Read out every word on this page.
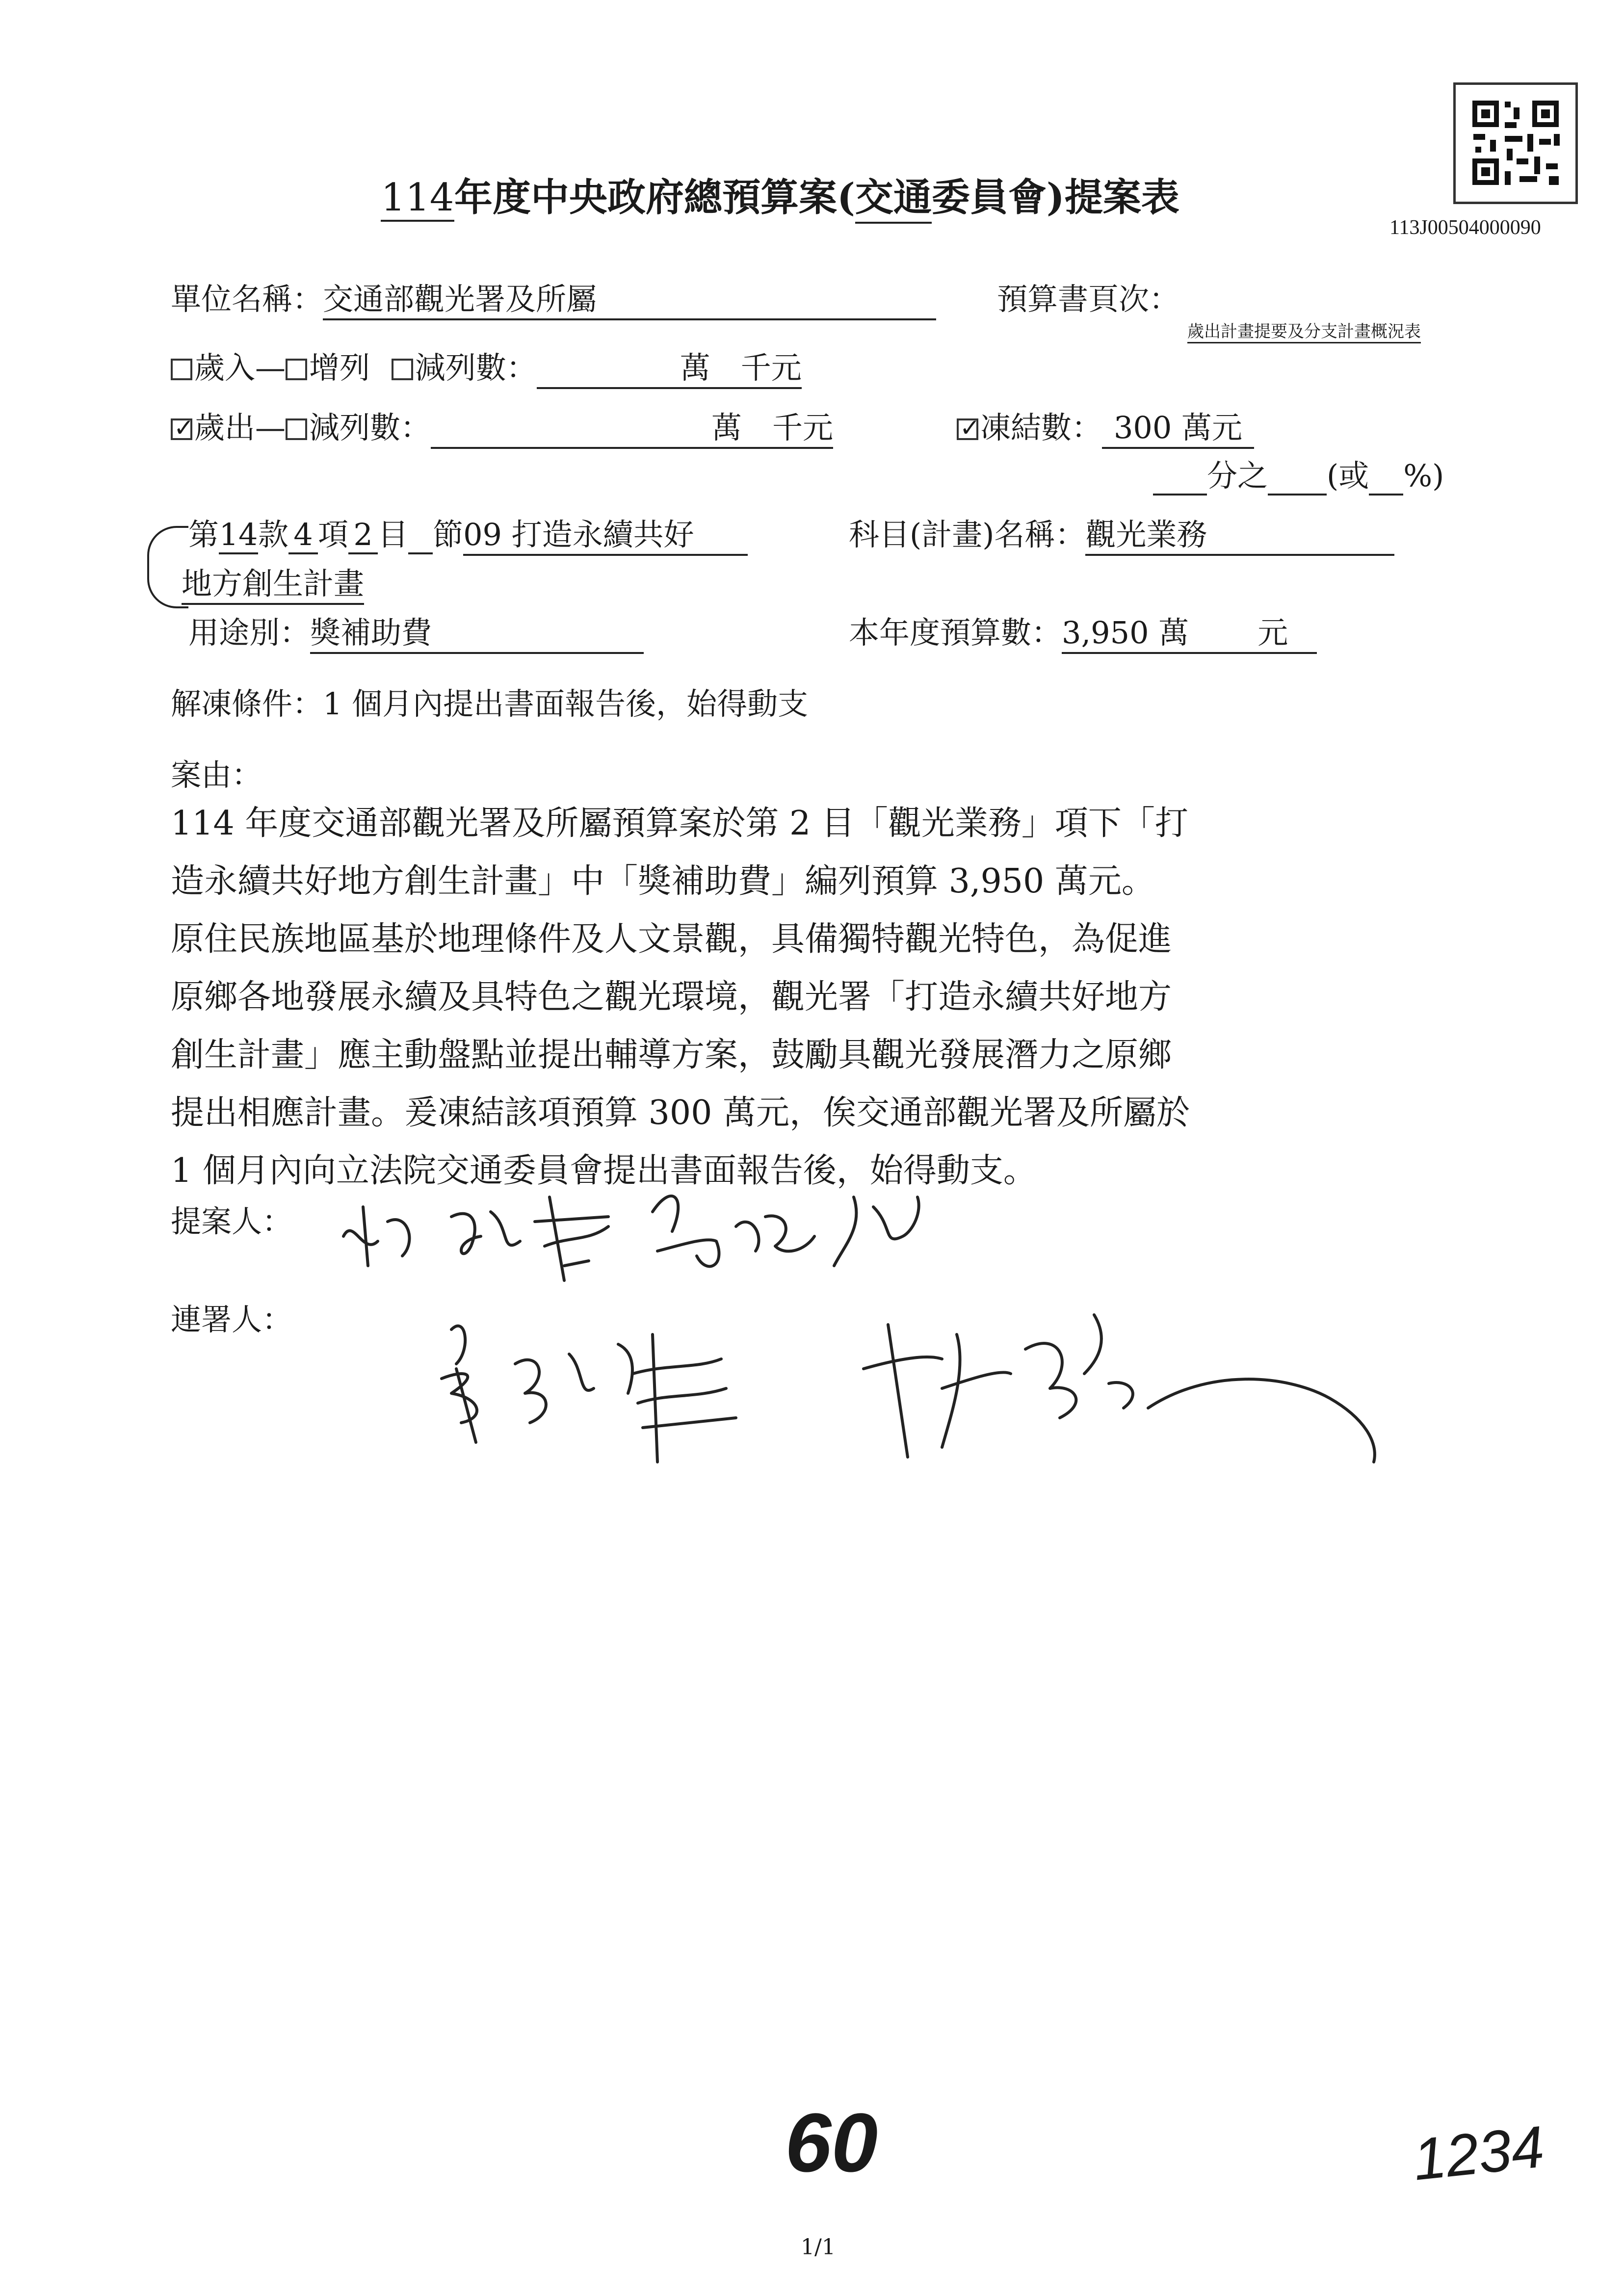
113J00504000090
114年度中央政府總預算案(交通委員會)提案表
單位名稱：交通部觀光署及所屬	預算書頁次：
歲出計畫提要及分支計畫概況表
歲入— 增列 減列數：	萬　千元
✓歲出— 減列數：	萬　千元
✓	凍結數： 300 萬元
分之 (或 %)
第14款 4 項 2 目 節09 打造永續共好	科目(計畫)名稱：觀光業務
地方創生計畫
用途別：獎補助費	本年度預算數：3,950 萬 元
解凍條件：1 個月內提出書面報告後，始得動支
案由：
114 年度交通部觀光署及所屬預算案於第 2 目「觀光業務」項下「打
造永續共好地方創生計畫」中「獎補助費」編列預算 3,950 萬元。
原住民族地區基於地理條件及人文景觀，具備獨特觀光特色，為促進
原鄉各地發展永續及具特色之觀光環境，觀光署「打造永續共好地方
創生計畫」應主動盤點並提出輔導方案，鼓勵具觀光發展潛力之原鄉
提出相應計畫。爰凍結該項預算 300 萬元，俟交通部觀光署及所屬於
1 個月內向立法院交通委員會提出書面報告後，始得動支。
提案人：
連署人：
60	1234
1/1
